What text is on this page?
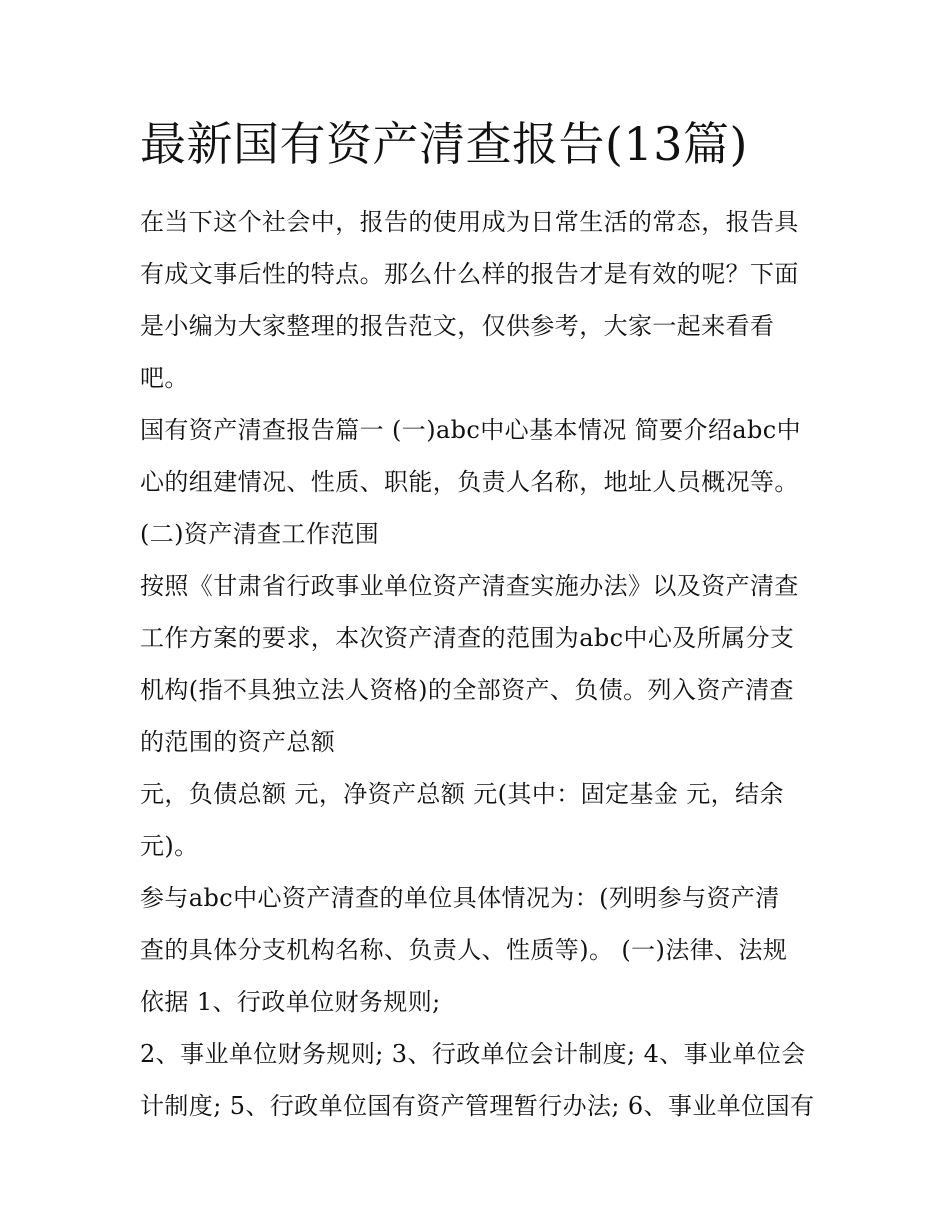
最新国有资产清查报告(13篇)
在当下这个社会中，报告的使用成为日常生活的常态，报告具
有成文事后性的特点。那么什么样的报告才是有效的呢？下面
是小编为大家整理的报告范文，仅供参考，大家一起来看看
吧。
国有资产清查报告篇一 (一)abc中心基本情况 简要介绍abc中
心的组建情况、性质、职能，负责人名称，地址人员概况等。
(二)资产清查工作范围
按照《甘肃省行政事业单位资产清查实施办法》以及资产清查
工作方案的要求，本次资产清查的范围为abc中心及所属分支
机构(指不具独立法人资格)的全部资产、负债。列入资产清查
的范围的资产总额
元，负债总额 元，净资产总额 元(其中：固定基金 元，结余
元)。
参与abc中心资产清查的单位具体情况为：(列明参与资产清
查的具体分支机构名称、负责人、性质等)。 (一)法律、法规
依据 1、行政单位财务规则;
2、事业单位财务规则; 3、行政单位会计制度; 4、事业单位会
计制度; 5、行政单位国有资产管理暂行办法; 6、事业单位国有
